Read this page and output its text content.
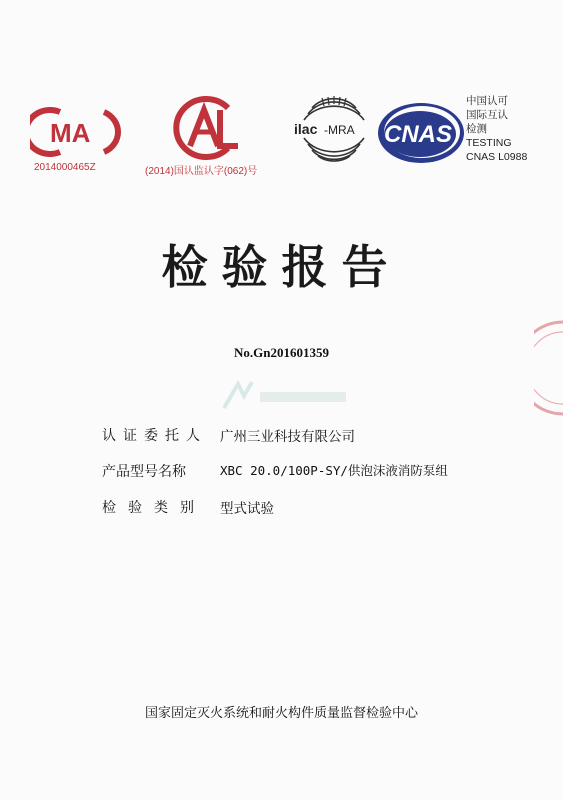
MA
2014000465Z	(2014)国认监认字(062)号
ilac -MRA CNAS
中国认可
国际互认
检测
TESTING
CNAS L0988
检验报告
No.Gn201601359
认证委托人 广州三业科技有限公司
产品型号名称	XBC 20.0/100P-SY/供泡沫液消防泵组
检验类别 型式试验
国家固定灭火系统和耐火构件质量监督检验中心
